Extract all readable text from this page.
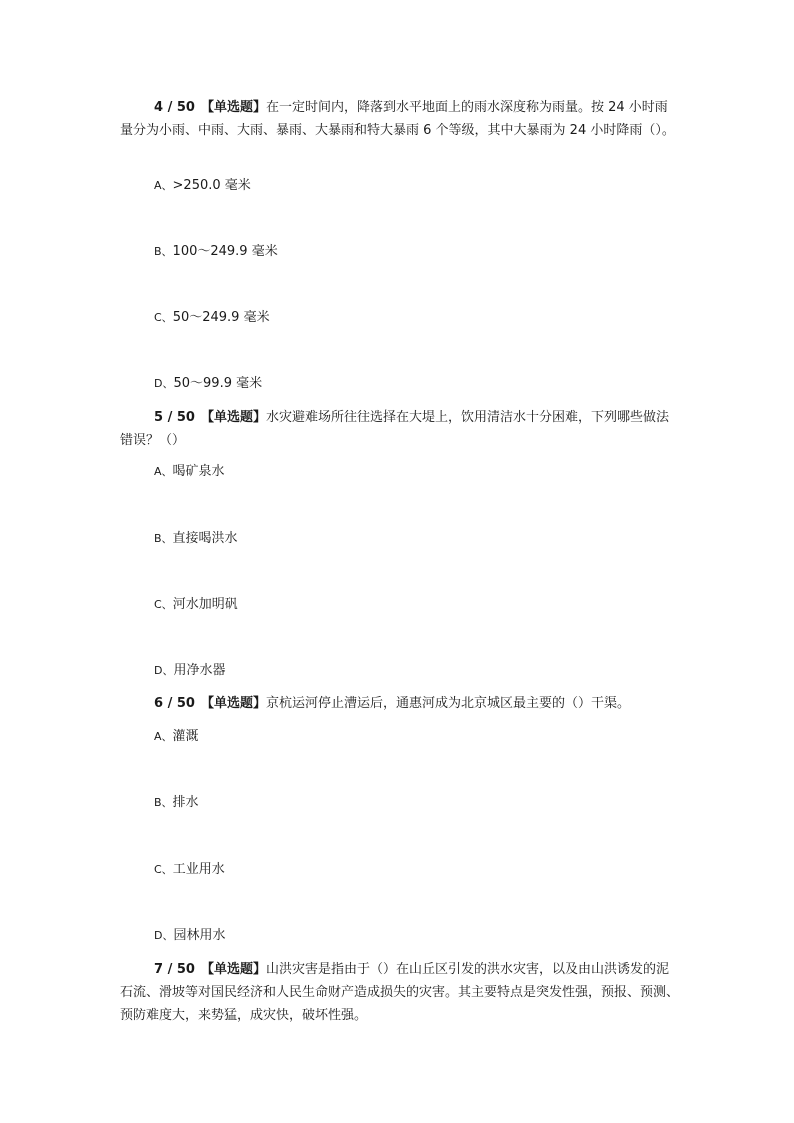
4 / 50 【单选题】在一定时间内，降落到水平地面上的雨水深度称为雨量。按 24 小时雨量分为小雨、中雨、大雨、暴雨、大暴雨和特大暴雨 6 个等级，其中大暴雨为 24 小时降雨（）。

A、>250.0 毫米

B、100～249.9 毫米

C、50～249.9 毫米

D、50～99.9 毫米

5 / 50 【单选题】水灾避难场所往往选择在大堤上，饮用清洁水十分困难，下列哪些做法错误？（）

A、喝矿泉水

B、直接喝洪水

C、河水加明矾

D、用净水器

6 / 50 【单选题】京杭运河停止漕运后，通惠河成为北京城区最主要的（）干渠。

A、灌溉

B、排水

C、工业用水

D、园林用水

7 / 50 【单选题】山洪灾害是指由于（）在山丘区引发的洪水灾害，以及由山洪诱发的泥石流、滑坡等对国民经济和人民生命财产造成损失的灾害。其主要特点是突发性强，预报、预测、预防难度大，来势猛，成灾快，破坏性强。
